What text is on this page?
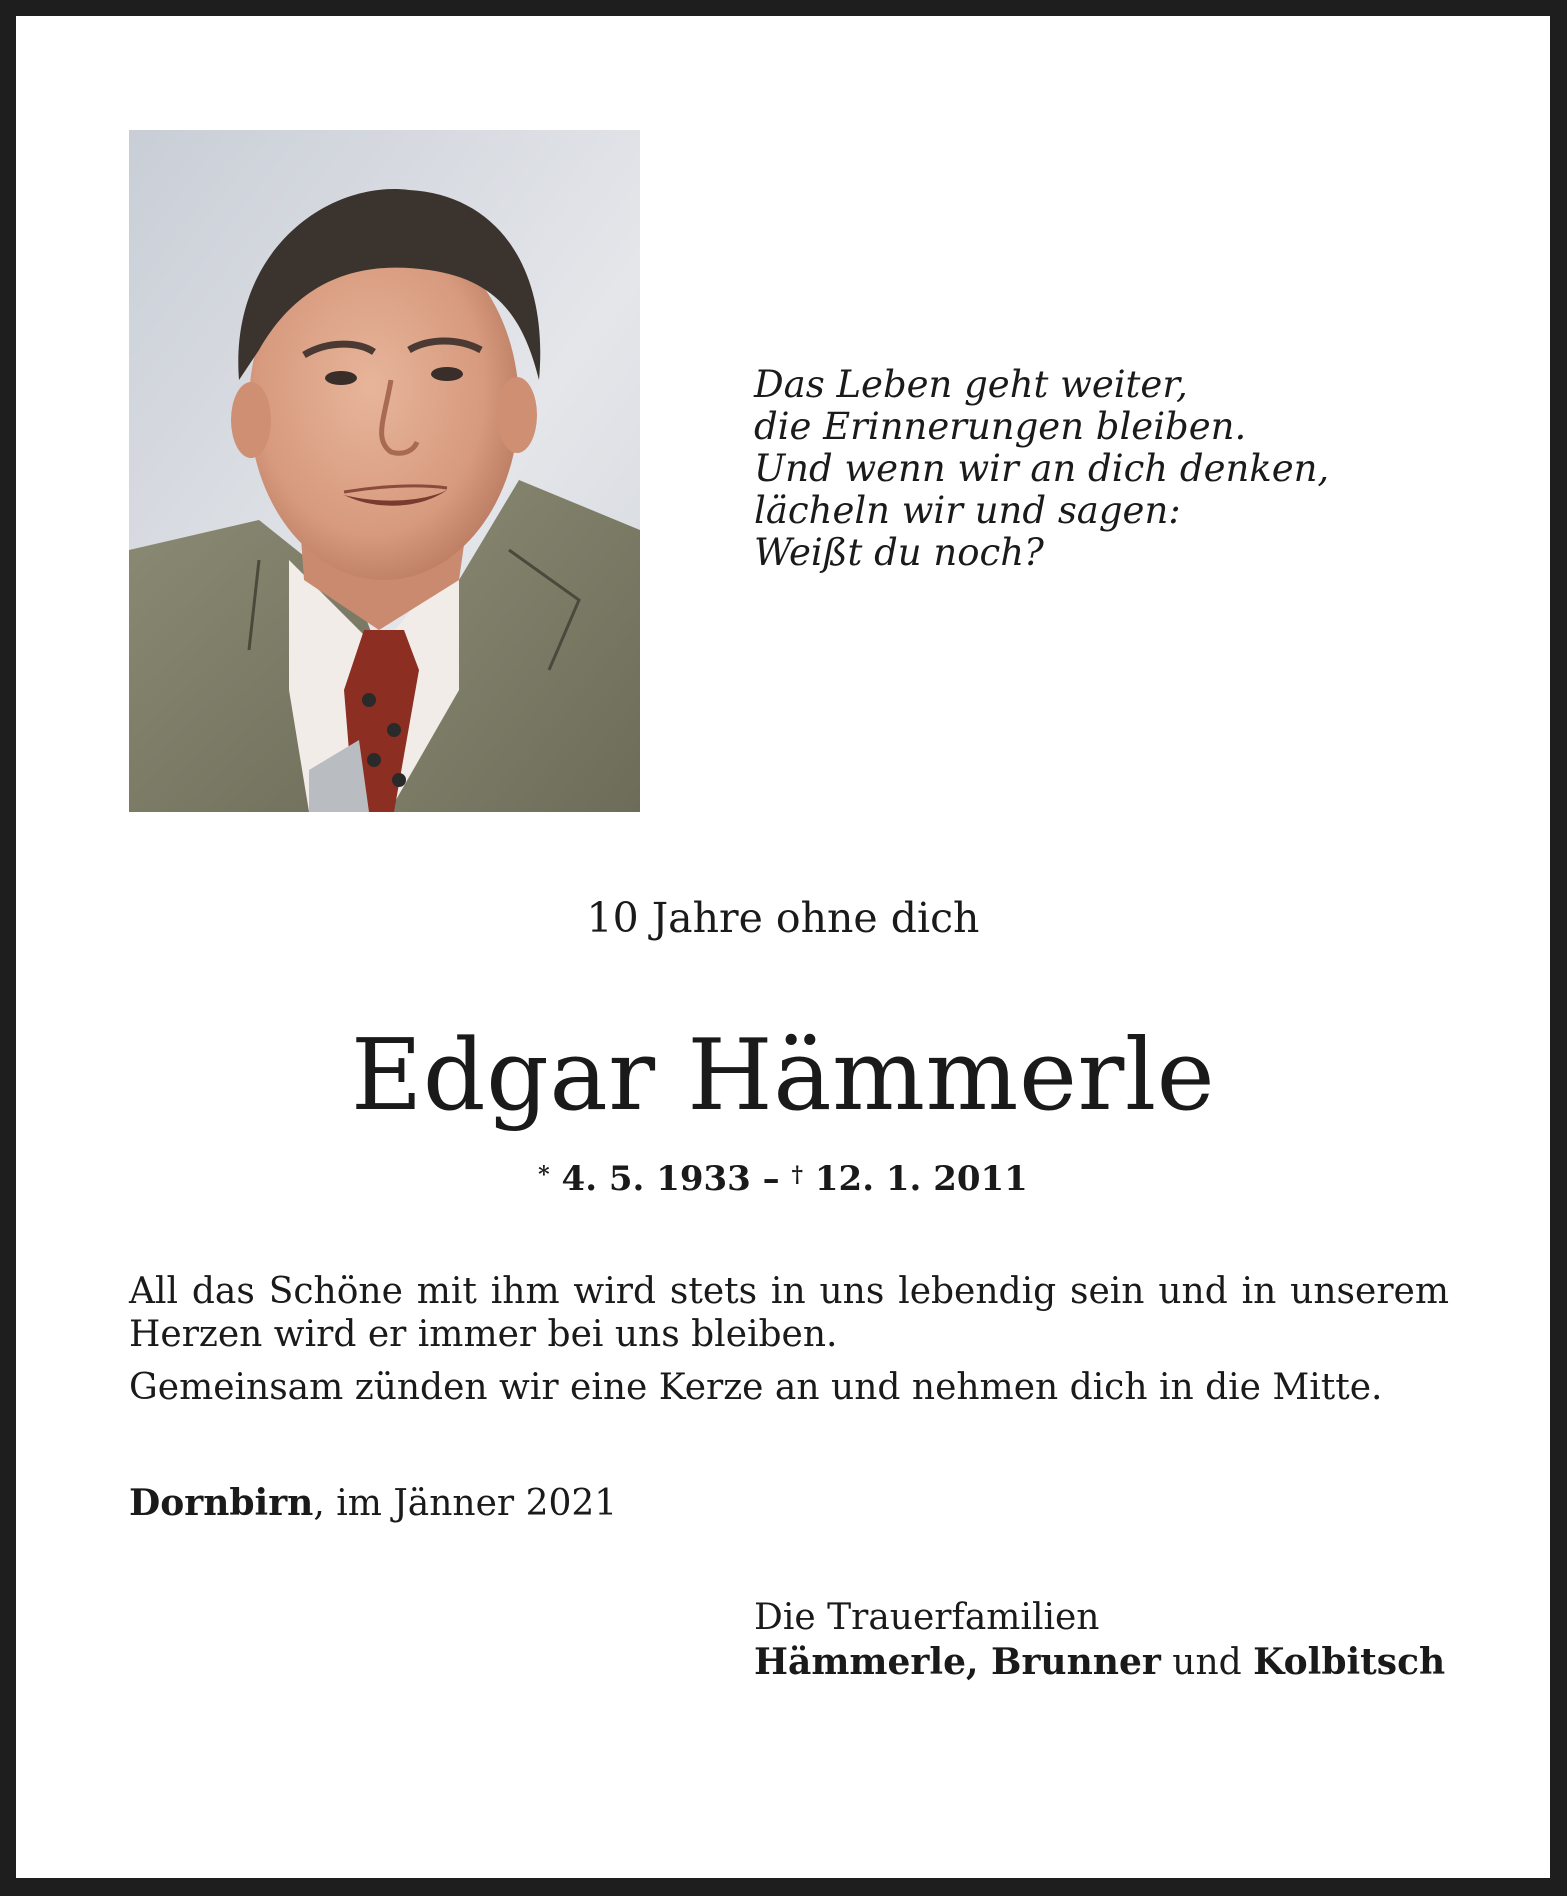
Das Leben geht weiter,
die Erinnerungen bleiben.
Und wenn wir an dich denken,
lächeln wir und sagen:
Weißt du noch?
10 Jahre ohne dich
Edgar Hämmerle
* 4. 5. 1933 – † 12. 1. 2011
All das Schöne mit ihm wird stets in uns lebendig sein und in unserem Herzen wird er immer bei uns bleiben.
Gemeinsam zünden wir eine Kerze an und nehmen dich in die Mitte.
Dornbirn, im Jänner 2021
Die Trauerfamilien
Hämmerle, Brunner und Kolbitsch
